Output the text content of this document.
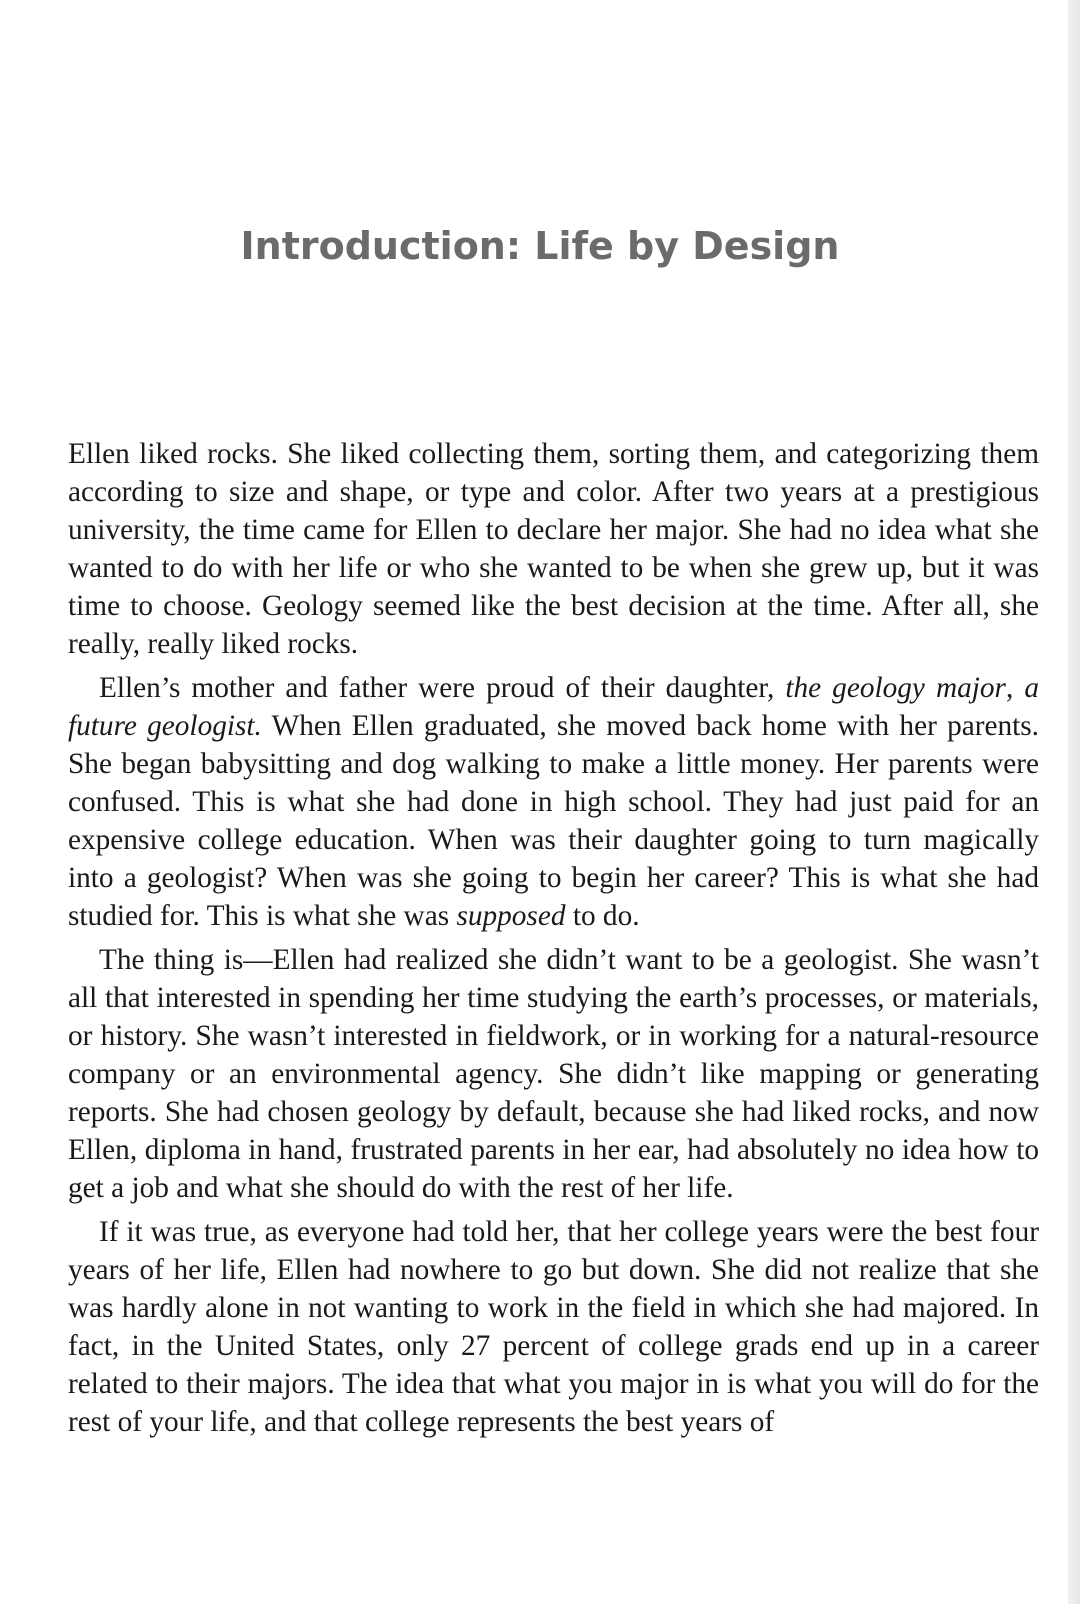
Introduction: Life by Design

Ellen liked rocks. She liked collecting them, sorting them, and categorizing them according to size and shape, or type and color. After two years at a prestigious university, the time came for Ellen to declare her major. She had no idea what she wanted to do with her life or who she wanted to be when she grew up, but it was time to choose. Geology seemed like the best decision at the time. After all, she really, really liked rocks.

Ellen’s mother and father were proud of their daughter, the geology major, a future geologist. When Ellen graduated, she moved back home with her parents. She began babysitting and dog walking to make a little money. Her parents were confused. This is what she had done in high school. They had just paid for an expensive college education. When was their daughter going to turn magically into a geologist? When was she going to begin her career? This is what she had studied for. This is what she was supposed to do.

The thing is—Ellen had realized she didn’t want to be a geologist. She wasn’t all that interested in spending her time studying the earth’s processes, or materials, or history. She wasn’t interested in fieldwork, or in working for a natural-resource company or an environmental agency. She didn’t like mapping or generating reports. She had chosen geology by default, because she had liked rocks, and now Ellen, diploma in hand, frustrated parents in her ear, had absolutely no idea how to get a job and what she should do with the rest of her life.

If it was true, as everyone had told her, that her college years were the best four years of her life, Ellen had nowhere to go but down. She did not realize that she was hardly alone in not wanting to work in the field in which she had majored. In fact, in the United States, only 27 percent of college grads end up in a career related to their majors. The idea that what you major in is what you will do for the rest of your life, and that college represents the best years of
